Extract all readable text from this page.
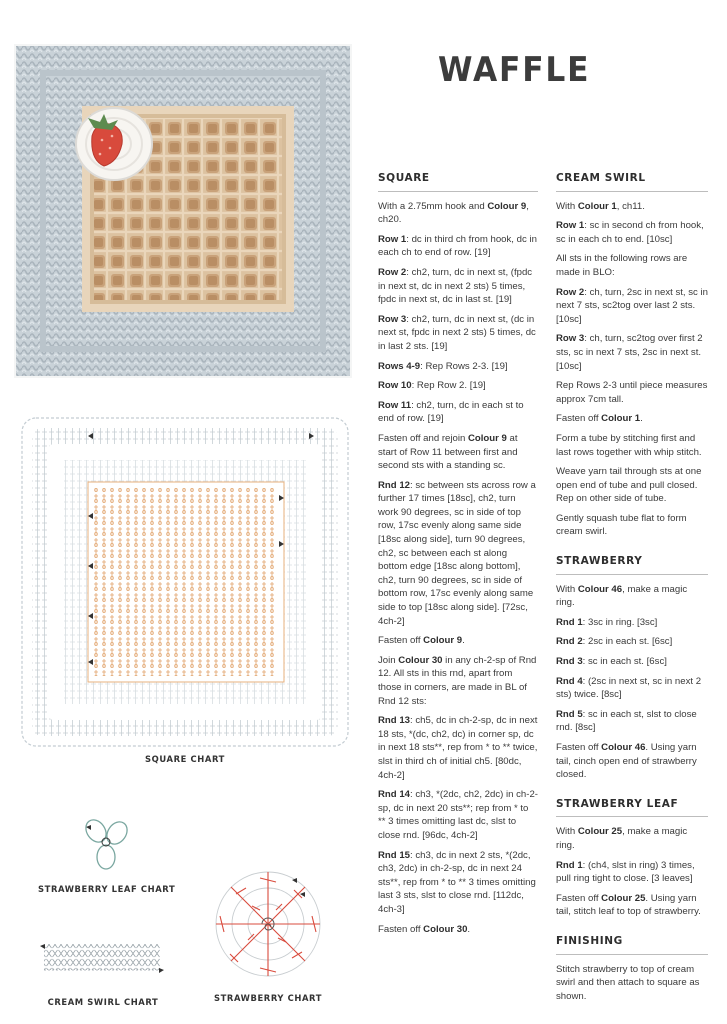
WAFFLE
SQUARE CHART
STRAWBERRY LEAF CHART
CREAM SWIRL CHART	STRAWBERRY CHART
SQUARE

With a 2.75mm hook and Colour 9, ch20.

Row 1: dc in third ch from hook, dc in each ch to end of row. [19]

Row 2: ch2, turn, dc in next st, (fpdc in next st, dc in next 2 sts) 5 times, fpdc in next st, dc in last st. [19]

Row 3: ch2, turn, dc in next st, (dc in next st, fpdc in next 2 sts) 5 times, dc in last 2 sts. [19]

Rows 4-9: Rep Rows 2-3. [19]

Row 10: Rep Row 2. [19]

Row 11: ch2, turn, dc in each st to end of row. [19]

Fasten off and rejoin Colour 9 at start of Row 11 between first and second sts with a standing sc.

Rnd 12: sc between sts across row a further 17 times [18sc], ch2, turn work 90 degrees, sc in side of top row, 17sc evenly along same side [18sc along side], turn 90 degrees, ch2, sc between each st along bottom edge [18sc along bottom], ch2, turn 90 degrees, sc in side of bottom row, 17sc evenly along same side to top [18sc along side]. [72sc, 4ch-2]

Fasten off Colour 9.

Join Colour 30 in any ch-2-sp of Rnd 12. All sts in this rnd, apart from those in corners, are made in BL of Rnd 12 sts:

Rnd 13: ch5, dc in ch-2-sp, dc in next 18 sts, *(dc, ch2, dc) in corner sp, dc in next 18 sts**, rep from * to ** twice, slst in third ch of initial ch5. [80dc, 4ch-2]

Rnd 14: ch3, *(2dc, ch2, 2dc) in ch-2-sp, dc in next 20 sts**; rep from * to ** 3 times omitting last dc, slst to close rnd. [96dc, 4ch-2]

Rnd 15: ch3, dc in next 2 sts, *(2dc, ch3, 2dc) in ch-2-sp, dc in next 24 sts**, rep from * to ** 3 times omitting last 3 sts, slst to close rnd. [112dc, 4ch-3]

Fasten off Colour 30.

CREAM SWIRL

With Colour 1, ch11.

Row 1: sc in second ch from hook, sc in each ch to end. [10sc]

All sts in the following rows are made in BLO:

Row 2: ch, turn, 2sc in next st, sc in next 7 sts, sc2tog over last 2 sts. [10sc]

Row 3: ch, turn, sc2tog over first 2 sts, sc in next 7 sts, 2sc in next st. [10sc]

Rep Rows 2-3 until piece measures approx 7cm tall.

Fasten off Colour 1.

Form a tube by stitching first and last rows together with whip stitch.

Weave yarn tail through sts at one open end of tube and pull closed. Rep on other side of tube.

Gently squash tube flat to form cream swirl.

STRAWBERRY

With Colour 46, make a magic ring.

Rnd 1: 3sc in ring. [3sc]

Rnd 2: 2sc in each st. [6sc]

Rnd 3: sc in each st. [6sc]

Rnd 4: (2sc in next st, sc in next 2 sts) twice. [8sc]

Rnd 5: sc in each st, slst to close rnd. [8sc]

Fasten off Colour 46. Using yarn tail, cinch open end of strawberry closed.

STRAWBERRY LEAF

With Colour 25, make a magic ring.

Rnd 1: (ch4, slst in ring) 3 times, pull ring tight to close. [3 leaves]

Fasten off Colour 25. Using yarn tail, stitch leaf to top of strawberry.

FINISHING

Stitch strawberry to top of cream swirl and then attach to square as shown.
